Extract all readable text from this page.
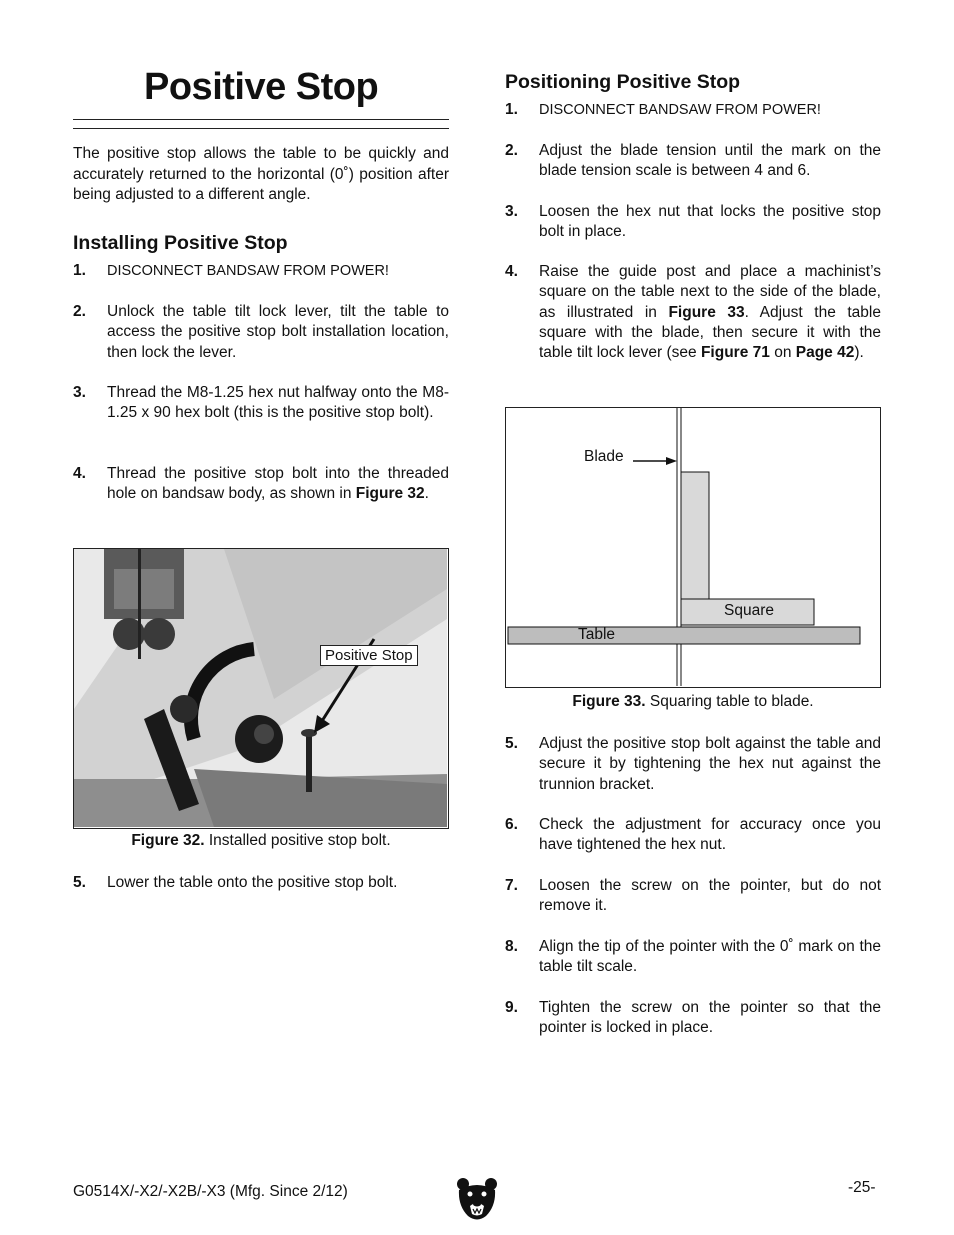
Positive Stop
The positive stop allows the table to be quickly and accurately returned to the horizontal (0˚) position after being adjusted to a different angle.
Installing Positive Stop
1. DISCONNECT BANDSAW FROM POWER!
2. Unlock the table tilt lock lever, tilt the table to access the positive stop bolt installation location, then lock the lever.
3. Thread the M8-1.25 hex nut halfway onto the M8-1.25 x 90 hex bolt (this is the positive stop bolt).
4. Thread the positive stop bolt into the threaded hole on bandsaw body, as shown in Figure 32.
Positive Stop
Figure 32. Installed positive stop bolt.
5. Lower the table onto the positive stop bolt.
Positioning Positive Stop
1. DISCONNECT BANDSAW FROM POWER!
2. Adjust the blade tension until the mark on the blade tension scale is between 4 and 6.
3. Loosen the hex nut that locks the positive stop bolt in place.
4. Raise the guide post and place a machinist’s square on the table next to the side of the blade, as illustrated in Figure 33. Adjust the table square with the blade, then secure it with the table tilt lock lever (see Figure 71 on Page 42).
Blade
Square
Table
Figure 33. Squaring table to blade.
5. Adjust the positive stop bolt against the table and secure it by tightening the hex nut against the trunnion bracket.
6. Check the adjustment for accuracy once you have tightened the hex nut.
7. Loosen the screw on the pointer, but do not remove it.
8. Align the tip of the pointer with the 0˚ mark on the table tilt scale.
9. Tighten the screw on the pointer so that the pointer is locked in place.
G0514X/-X2/-X2B/-X3 (Mfg. Since 2/12)	-25-
